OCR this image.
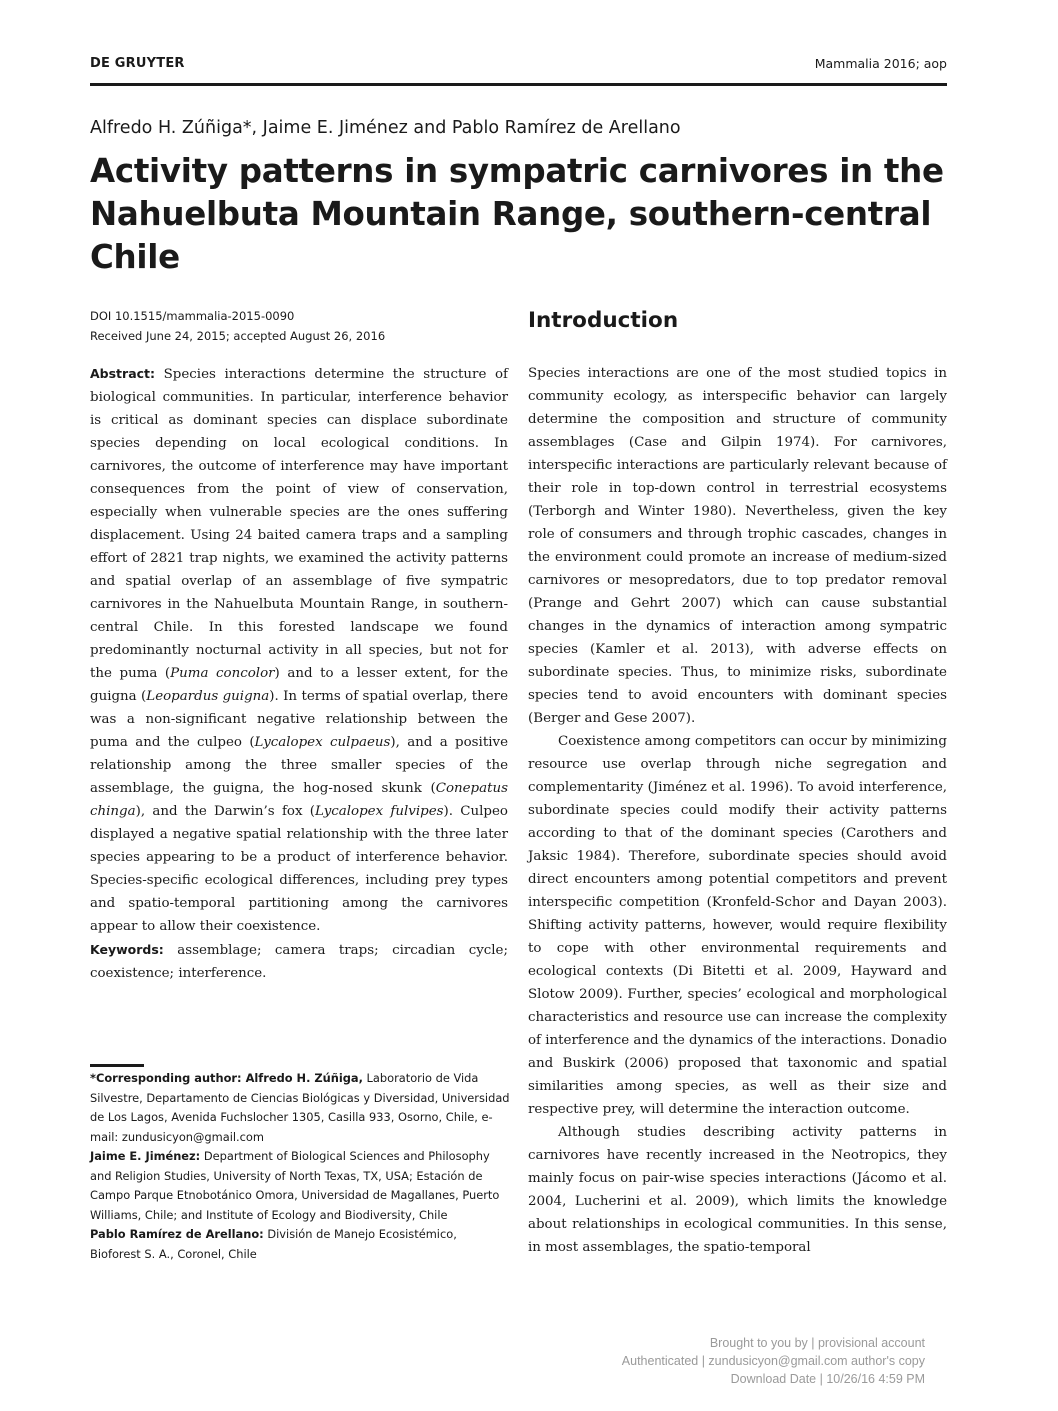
DE GRUYTER	Mammalia 2016; aop
Alfredo H. Zúñiga*, Jaime E. Jiménez and Pablo Ramírez de Arellano
Activity patterns in sympatric carnivores in the Nahuelbuta Mountain Range, southern-central Chile
DOI 10.1515/mammalia-2015-0090
Received June 24, 2015; accepted August 26, 2016

Abstract: Species interactions determine the structure of biological communities. In particular, interference behavior is critical as dominant species can displace subordinate species depending on local ecological conditions. In carnivores, the outcome of interference may have important consequences from the point of view of conservation, especially when vulnerable species are the ones suffering displacement. Using 24 baited camera traps and a sampling effort of 2821 trap nights, we examined the activity patterns and spatial overlap of an assemblage of five sympatric carnivores in the Nahuelbuta Mountain Range, in southern-central Chile. In this forested landscape we found predominantly nocturnal activity in all species, but not for the puma (Puma concolor) and to a lesser extent, for the guigna (Leopardus guigna). In terms of spatial overlap, there was a non-significant negative relationship between the puma and the culpeo (Lycalopex culpaeus), and a positive relationship among the three smaller species of the assemblage, the guigna, the hog-nosed skunk (Conepatus chinga), and the Darwin’s fox (Lycalopex fulvipes). Culpeo displayed a negative spatial relationship with the three later species appearing to be a product of interference behavior. Species-specific ecological differences, including prey types and spatio-temporal partitioning among the carnivores appear to allow their coexistence.

Keywords: assemblage; camera traps; circadian cycle; coexistence; interference.

*Corresponding author: Alfredo H. Zúñiga, Laboratorio de Vida Silvestre, Departamento de Ciencias Biológicas y Diversidad, Universidad de Los Lagos, Avenida Fuchslocher 1305, Casilla 933, Osorno, Chile, e-mail: zundusicyon@gmail.com

Jaime E. Jiménez: Department of Biological Sciences and Philosophy and Religion Studies, University of North Texas, TX, USA; Estación de Campo Parque Etnobotánico Omora, Universidad de Magallanes, Puerto Williams, Chile; and Institute of Ecology and Biodiversity, Chile

Pablo Ramírez de Arellano: División de Manejo Ecosistémico, Bioforest S. A., Coronel, Chile

Introduction

Species interactions are one of the most studied topics in community ecology, as interspecific behavior can largely determine the composition and structure of community assemblages (Case and Gilpin 1974). For carnivores, interspecific interactions are particularly relevant because of their role in top-down control in terrestrial ecosystems (Terborgh and Winter 1980). Nevertheless, given the key role of consumers and through trophic cascades, changes in the environment could promote an increase of medium-sized carnivores or mesopredators, due to top predator removal (Prange and Gehrt 2007) which can cause substantial changes in the dynamics of interaction among sympatric species (Kamler et al. 2013), with adverse effects on subordinate species. Thus, to minimize risks, subordinate species tend to avoid encounters with dominant species (Berger and Gese 2007).

Coexistence among competitors can occur by minimizing resource use overlap through niche segregation and complementarity (Jiménez et al. 1996). To avoid interference, subordinate species could modify their activity patterns according to that of the dominant species (Carothers and Jaksic 1984). Therefore, subordinate species should avoid direct encounters among potential competitors and prevent interspecific competition (Kronfeld-Schor and Dayan 2003). Shifting activity patterns, however, would require flexibility to cope with other environmental requirements and ecological contexts (Di Bitetti et al. 2009, Hayward and Slotow 2009). Further, species’ ecological and morphological characteristics and resource use can increase the complexity of interference and the dynamics of the interactions. Donadio and Buskirk (2006) proposed that taxonomic and spatial similarities among species, as well as their size and respective prey, will determine the interaction outcome.

Although studies describing activity patterns in carnivores have recently increased in the Neotropics, they mainly focus on pair-wise species interactions (Jácomo et al. 2004, Lucherini et al. 2009), which limits the knowledge about relationships in ecological communities. In this sense, in most assemblages, the spatio-temporal

Brought to you by | provisional account
Authenticated | zundusicyon@gmail.com author's copy
Download Date | 10/26/16 4:59 PM
